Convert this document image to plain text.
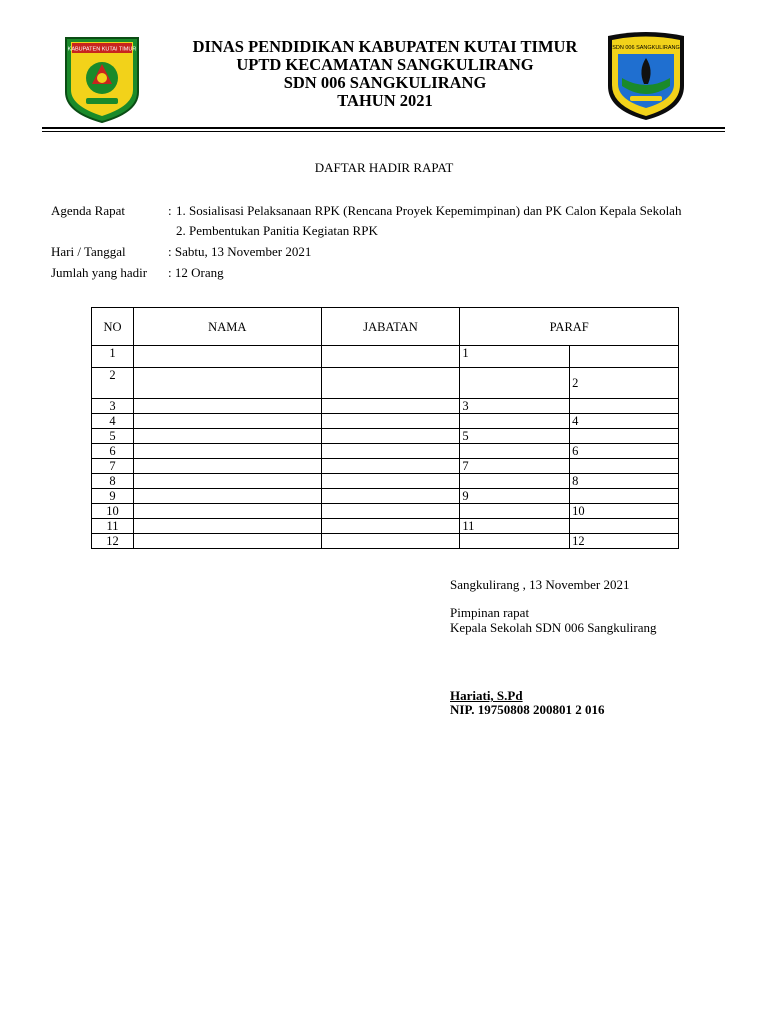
KABUPATEN KUTAI TIMUR	SDN 006 SANGKULIRANG
DINAS PENDIDIKAN KABUPATEN KUTAI TIMUR
UPTD KECAMATAN SANGKULIRANG
SDN 006 SANGKULIRANG
TAHUN 2021
DAFTAR HADIR RAPAT
Agenda Rapat	: 1. Sosialisasi Pelaksanaan RPK (Rencana Proyek Kepemimpinan) dan PK Calon Kepala Sekolah
2. Pembentukan Panitia Kegiatan RPK
Hari / Tanggal	: Sabtu, 13 November 2021
Jumlah yang hadir : 12 Orang
NO	NAMA	JABATAN	PARAF	
1			1	
2				2
3			3	
4				4
5			5	
6				6
7			7	
8				8
9			9	
10				10
11			11	
12				12
Sangkulirang , 13 November 2021
Pimpinan rapat
Kepala Sekolah SDN 006 Sangkulirang
Hariati, S.Pd
NIP. 19750808 200801 2 016
